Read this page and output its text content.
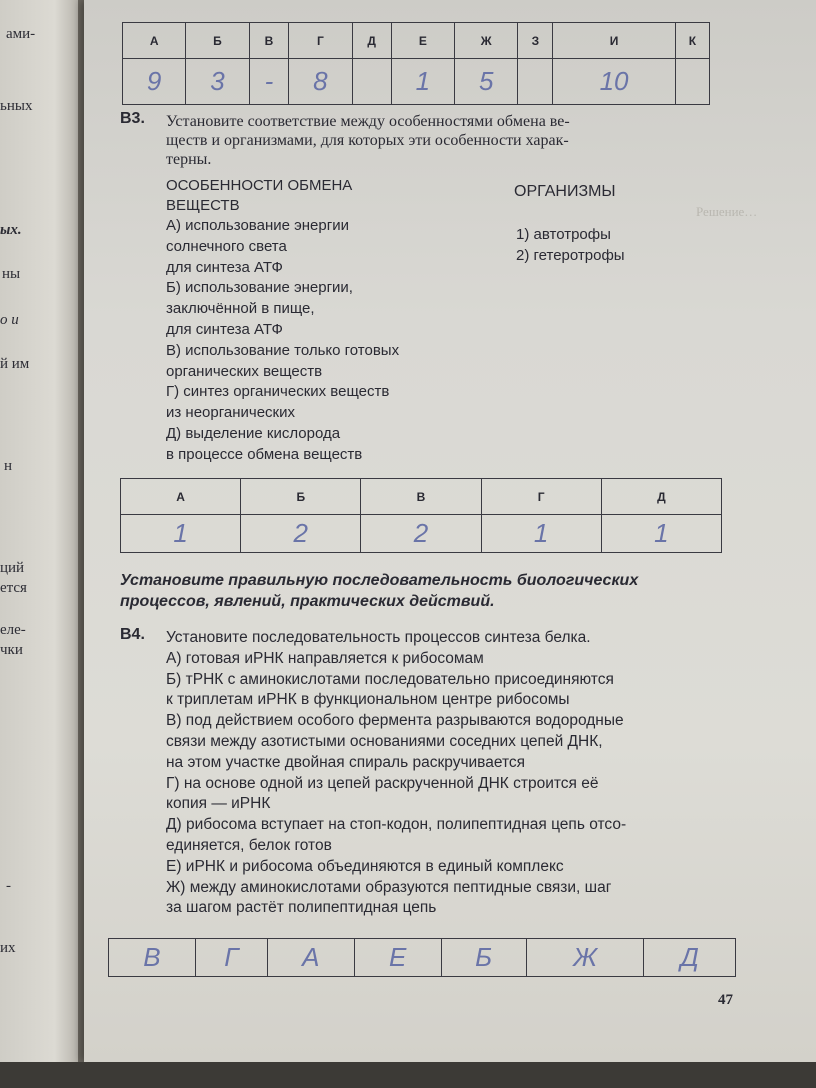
ами-
ьных
ых.
ны
о и
й им
н
ций
ется
еле-
чки
-
их
А	Б	В	Г	Д	Е	Ж	З	И	К
9	3	-	8		1	5		10	
В3. Установите соответствие между особенностями обмена ве-
ществ и организмами, для которых эти особенности харак-
терны.
ОСОБЕННОСТИ ОБМЕНА
ВЕЩЕСТВ
ОРГАНИЗМЫ
А) использование энергии
солнечного света
для синтеза АТФ
Б) использование энергии,
заключённой в пище,
для синтеза АТФ
В) использование только готовых
органических веществ
Г) синтез органических веществ
из неорганических
Д) выделение кислорода
в процессе обмена веществ
1) автотрофы
2) гетеротрофы
Решение…
А	Б	В	Г	Д
1	2	2	1	1
Установите правильную последовательность биологических
процессов, явлений, практических действий.
В4. Установите последовательность процессов синтеза белка.
А) готовая иРНК направляется к рибосомам
Б) тРНК с аминокислотами последовательно присоединяются
к триплетам иРНК в функциональном центре рибосомы
В) под действием особого фермента разрываются водородные
связи между азотистыми основаниями соседних цепей ДНК,
на этом участке двойная спираль раскручивается
Г) на основе одной из цепей раскрученной ДНК строится её
копия — иРНК
Д) рибосома вступает на стоп-кодон, полипептидная цепь отсо-
единяется, белок готов
Е) иРНК и рибосома объединяются в единый комплекс
Ж) между аминокислотами образуются пептидные связи, шаг
за шагом растёт полипептидная цепь
В	Г	А	Е	Б	Ж	Д
47
